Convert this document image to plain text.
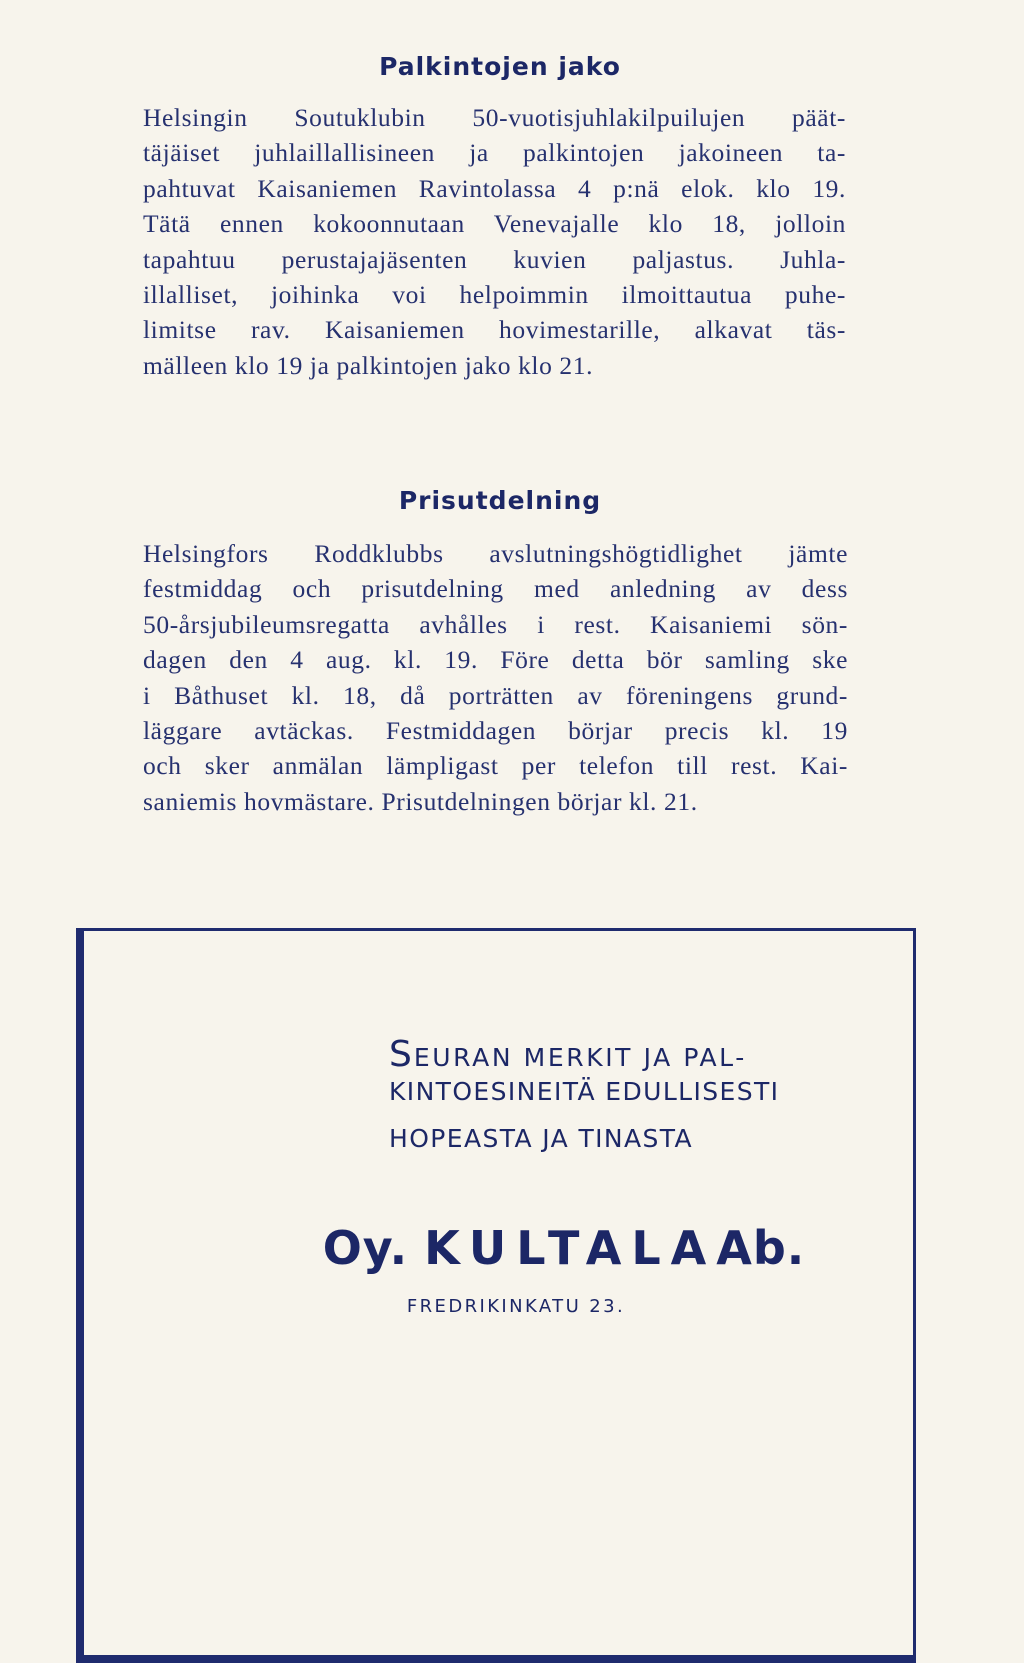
Palkintojen jako
Helsingin Soutuklubin 50-vuotisjuhlakilpuilujen päät-
täjäiset juhlaillallisineen ja palkintojen jakoineen ta-
pahtuvat Kaisaniemen Ravintolassa 4 p:nä elok. klo 19.
Tätä ennen kokoonnutaan Venevajalle klo 18, jolloin
tapahtuu perustajajäsenten kuvien paljastus. Juhla-
illalliset, joihinka voi helpoimmin ilmoittautua puhe-
limitse rav. Kaisaniemen hovimestarille, alkavat täs-
mälleen klo 19 ja palkintojen jako klo 21.
Prisutdelning
Helsingfors Roddklubbs avslutningshögtidlighet jämte
festmiddag och prisutdelning med anledning av dess
50-årsjubileumsregatta avhålles i rest. Kaisaniemi sön-
dagen den 4 aug. kl. 19. Före detta bör samling ske
i Båthuset kl. 18, då porträtten av föreningens grund-
läggare avtäckas. Festmiddagen börjar precis kl. 19
och sker anmälan lämpligast per telefon till rest. Kai-
saniemis hovmästare. Prisutdelningen börjar kl. 21.
SEURAN MERKIT JA PAL-
KINTOESINEITÄ EDULLISESTI
HOPEASTA JA TINASTA
Oy. KULTALAAb.
FREDRIKINKATU 23.
